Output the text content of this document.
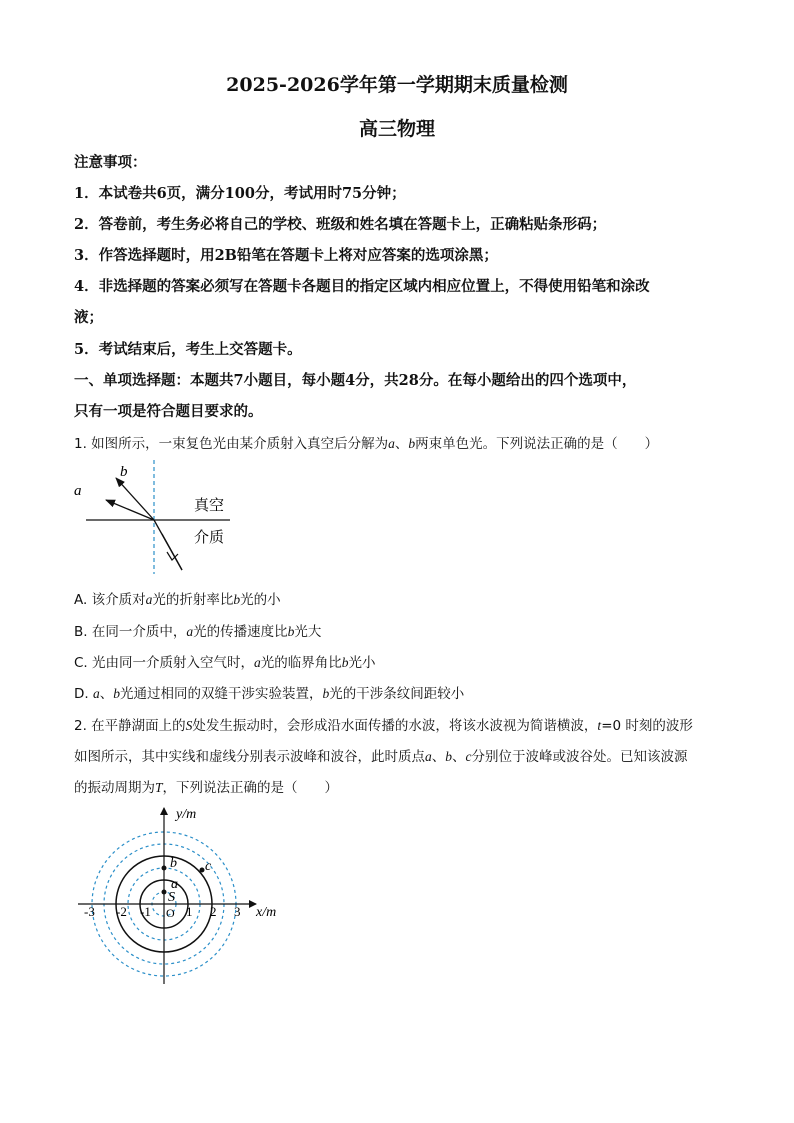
2025-2026学年第一学期期末质量检测
高三物理
注意事项：
1．本试卷共6页，满分100分，考试用时75分钟；
2．答卷前，考生务必将自己的学校、班级和姓名填在答题卡上，正确粘贴条形码；
3．作答选择题时，用2B铅笔在答题卡上将对应答案的选项涂黑；
4．非选择题的答案必须写在答题卡各题目的指定区域内相应位置上，不得使用铅笔和涂改
液；
5．考试结束后，考生上交答题卡。
一、单项选择题：本题共7小题目，每小题4分，共28分。在每小题给出的四个选项中，
只有一项是符合题目要求的。
1. 如图所示，一束复色光由某介质射入真空后分解为a、b两束单色光。下列说法正确的是（　　）
b
a
真空
介质
A. 该介质对a光的折射率比b光的小
B. 在同一介质中，a光的传播速度比b光大
C. 光由同一介质射入空气时，a光的临界角比b光小
D. a、b光通过相同的双缝干涉实验装置，b光的干涉条纹间距较小
2. 在平静湖面上的S处发生振动时，会形成沿水面传播的水波，将该水波视为简谐横波，t=0 时刻的波形
如图所示，其中实线和虚线分别表示波峰和波谷，此时质点a、b、c分别位于波峰或波谷处。已知该波源
的振动周期为T，下列说法正确的是（　　）
y/m
x/m
-3 -2 -1	1 2 3
O
S
a
b c
